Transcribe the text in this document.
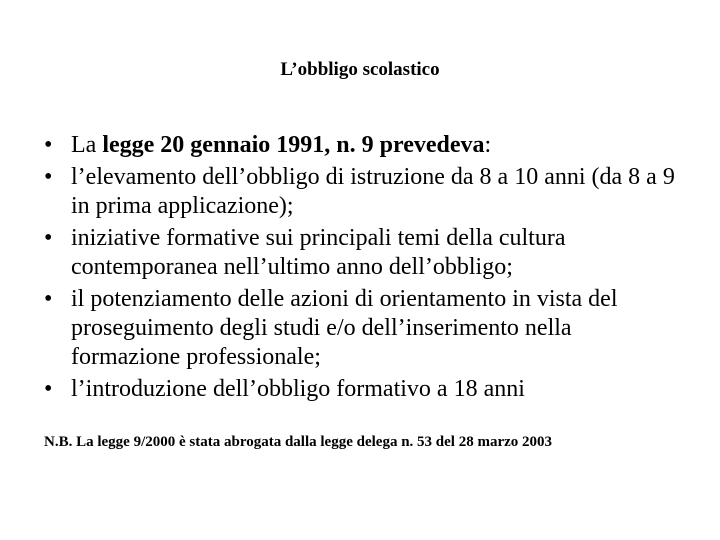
L’obbligo scolastico
• La legge 20 gennaio 1991, n. 9 prevedeva:
• l’elevamento dell’obbligo di istruzione da 8 a 10 anni (da 8 a 9 in prima applicazione);
• iniziative formative sui principali temi della cultura contemporanea nell’ultimo anno dell’obbligo;
• il potenziamento delle azioni di orientamento in vista del proseguimento degli studi e/o dell’inserimento nella formazione professionale;
• l’introduzione dell’obbligo formativo a 18 anni
N.B. La legge 9/2000 è stata abrogata dalla legge delega n. 53 del 28 marzo 2003
